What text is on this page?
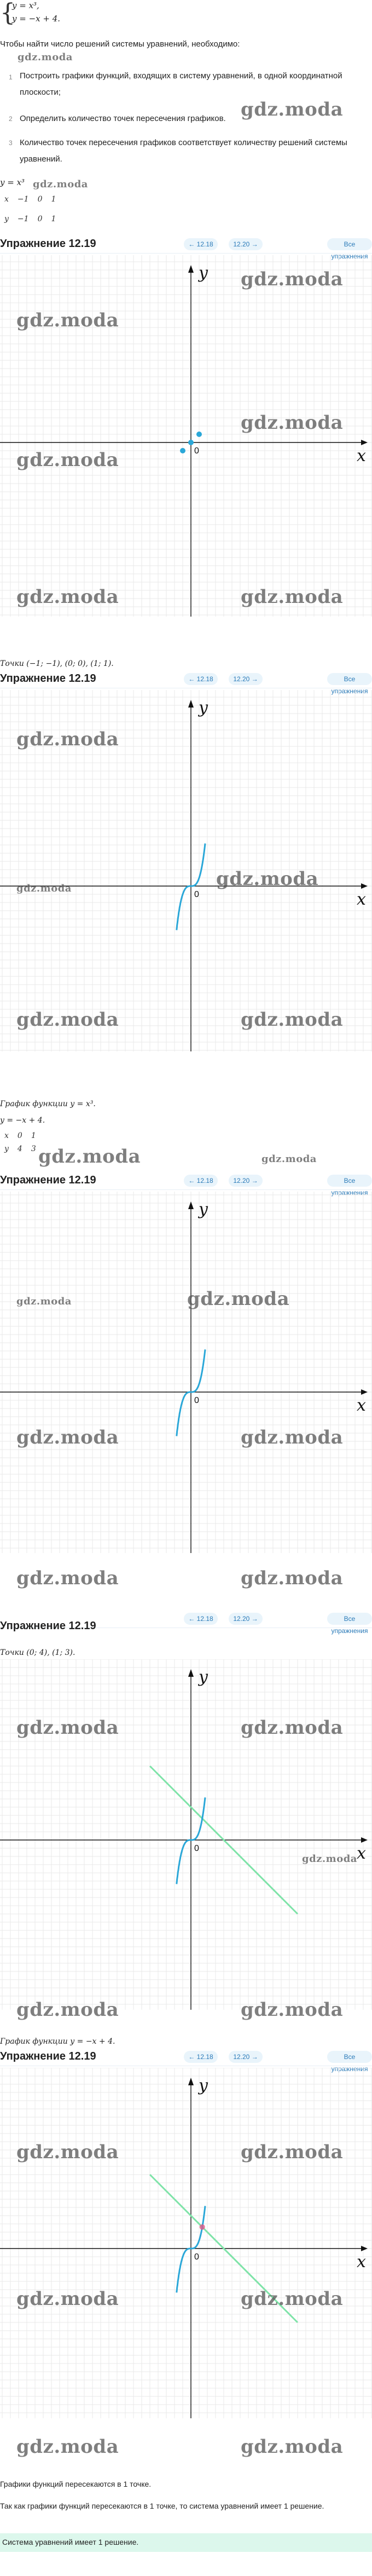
{
y = x³,
y = −x + 4.
Чтобы найти число решений системы уравнений, необходимо:
gdz.moda
1 Построить графики функций, входящих в систему уравнений, в одной координатной плоскости;
2 Определить количество точек пересечения графиков.
3 Количество точек пересечения графиков соответствует количеству решений системы уравнений.
gdz.moda
y = x³ gdz.moda
x	−1	0	1

y	−1	0	1
Упражнение 12.19	← 12.18	12.20 →	Все упражнения
x
y
0
gdz.moda
gdz.moda
gdz.moda
gdz.moda
gdz.moda	gdz.moda
Точки (−1; −1), (0; 0), (1; 1).
Упражнение 12.19	← 12.18	12.20 →	Все упражнения
x
y
0
gdz.moda
gdz.moda
gdz.moda
gdz.moda	gdz.moda
График функции y = x³.
y = −x + 4.
x	0	1
y	4	3 gdz.moda	gdz.moda
Упражнение 12.19	← 12.18	12.20 →	Все упражнения
x
y
0
gdz.moda	gdz.moda
gdz.moda	gdz.moda
gdz.moda	gdz.moda
Точки (0; 4), (1; 3).
Упражнение 12.19
← 12.18	12.20 →	Все упражнения
x
y
0
gdz.moda	gdz.moda
gdz.moda
gdz.moda	gdz.moda
График функции y = −x + 4.
Упражнение 12.19	← 12.18	12.20 →	Все упражнения
x
y
0
gdz.moda	gdz.moda
gdz.moda	gdz.moda
gdz.moda	gdz.moda
Графики функций пересекаются в 1 точке.
Так как графики функций пересекаются в 1 точке, то система уравнений имеет 1 решение.
Система уравнений имеет 1 решение.
